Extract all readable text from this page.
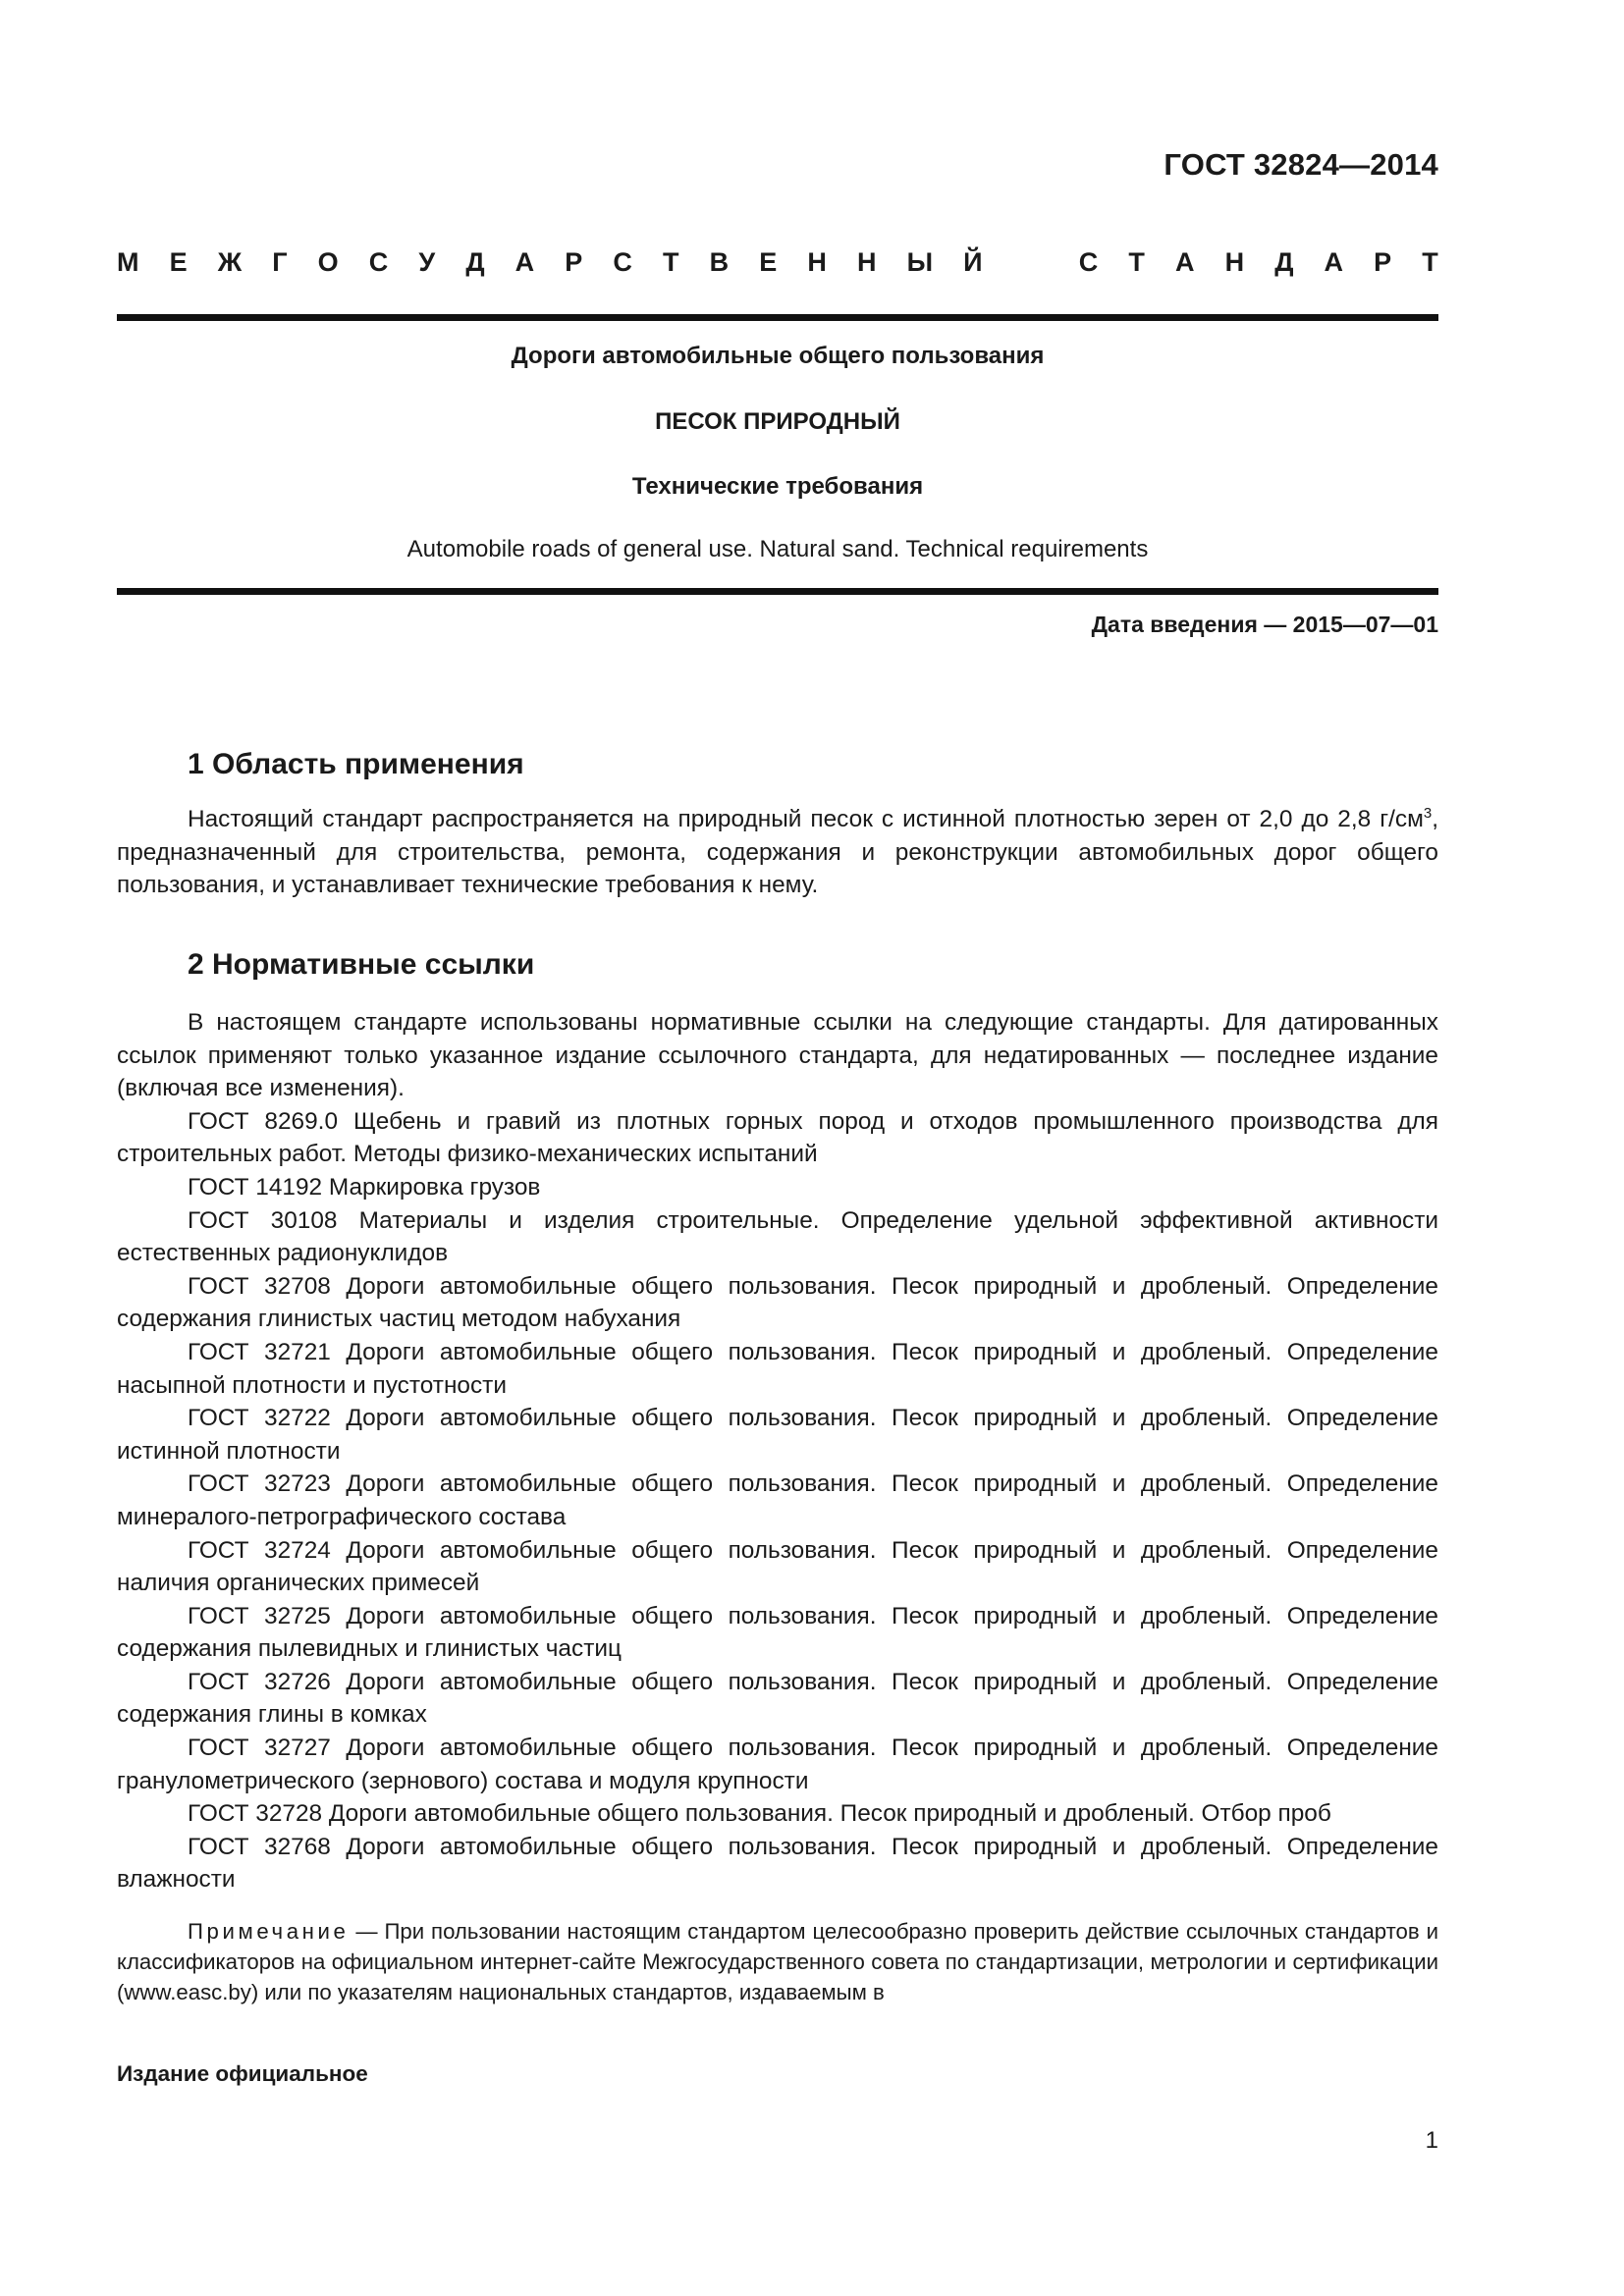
ГОСТ 32824—2014
М Е Ж Г О С У Д А Р С Т В Е Н Н Ы Й	С Т А Н Д А Р Т
Дороги автомобильные общего пользования
ПЕСОК ПРИРОДНЫЙ
Технические требования
Automobile roads of general use. Natural sand. Technical requirements
Дата введения — 2015—07—01
1 Область применения

Настоящий стандарт распространяется на природный песок с истинной плотностью зерен от 2,0 до 2,8 $г/см^3$, предназначенный для строительства, ремонта, содержания и реконструкции автомобильных дорог общего пользования, и устанавливает технические требования к нему.

2 Нормативные ссылки

В настоящем стандарте использованы нормативные ссылки на следующие стандарты. Для датированных ссылок применяют только указанное издание ссылочного стандарта, для недатированных — последнее издание (включая все изменения).

ГОСТ 8269.0 Щебень и гравий из плотных горных пород и отходов промышленного производства для строительных работ. Методы физико-механических испытаний

ГОСТ 14192 Маркировка грузов

ГОСТ 30108 Материалы и изделия строительные. Определение удельной эффективной активности естественных радионуклидов

ГОСТ 32708 Дороги автомобильные общего пользования. Песок природный и дробленый. Определение содержания глинистых частиц методом набухания

ГОСТ 32721 Дороги автомобильные общего пользования. Песок природный и дробленый. Определение насыпной плотности и пустотности

ГОСТ 32722 Дороги автомобильные общего пользования. Песок природный и дробленый. Определение истинной плотности

ГОСТ 32723 Дороги автомобильные общего пользования. Песок природный и дробленый. Определение минералого-петрографического состава

ГОСТ 32724 Дороги автомобильные общего пользования. Песок природный и дробленый. Определение наличия органических примесей

ГОСТ 32725 Дороги автомобильные общего пользования. Песок природный и дробленый. Определение содержания пылевидных и глинистых частиц

ГОСТ 32726 Дороги автомобильные общего пользования. Песок природный и дробленый. Определение содержания глины в комках

ГОСТ 32727 Дороги автомобильные общего пользования. Песок природный и дробленый. Определение гранулометрического (зернового) состава и модуля крупности

ГОСТ 32728 Дороги автомобильные общего пользования. Песок природный и дробленый. Отбор проб

ГОСТ 32768 Дороги автомобильные общего пользования. Песок природный и дробленый. Определение влажности

Примечание — При пользовании настоящим стандартом целесообразно проверить действие ссылочных стандартов и классификаторов на официальном интернет-сайте Межгосударственного совета по стандартизации, метрологии и сертификации (www.easc.by) или по указателям национальных стандартов, издаваемым в

Издание официальное
1
